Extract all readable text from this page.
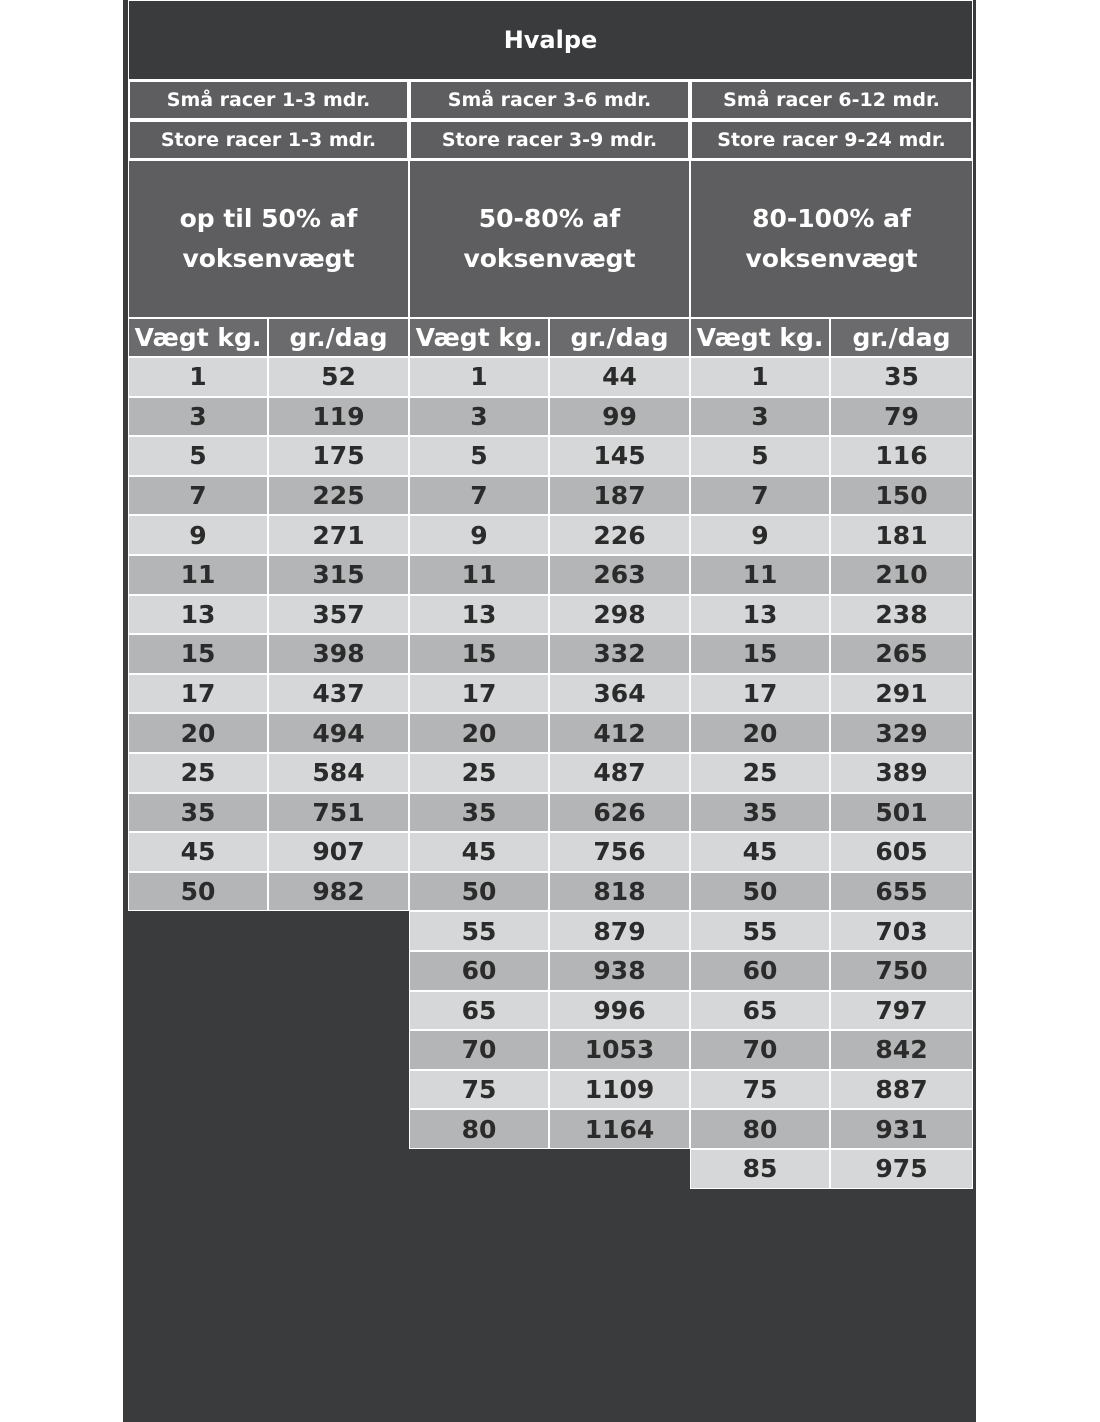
Hvalpe
Små racer 1-3 mdr.
Store racer 1-3 mdr.
op til 50% af
voksenvægt
Vægt kg.	gr./dag
1	52
3	119
5	175
7	225
9	271
11	315
13	357
15	398
17	437
20	494
25	584
35	751
45	907
50	982
Små racer 3-6 mdr.
Store racer 3-9 mdr.
50-80% af
voksenvægt
Vægt kg.	gr./dag
1	44
3	99
5	145
7	187
9	226
11	263
13	298
15	332
17	364
20	412
25	487
35	626
45	756
50	818
55	879
60	938
65	996
70	1053
75	1109
80	1164
Små racer 6-12 mdr.
Store racer 9-24 mdr.
80-100% af
voksenvægt
Vægt kg.	gr./dag
1	35
3	79
5	116
7	150
9	181
11	210
13	238
15	265
17	291
20	329
25	389
35	501
45	605
50	655
55	703
60	750
65	797
70	842
75	887
80	931
85	975
